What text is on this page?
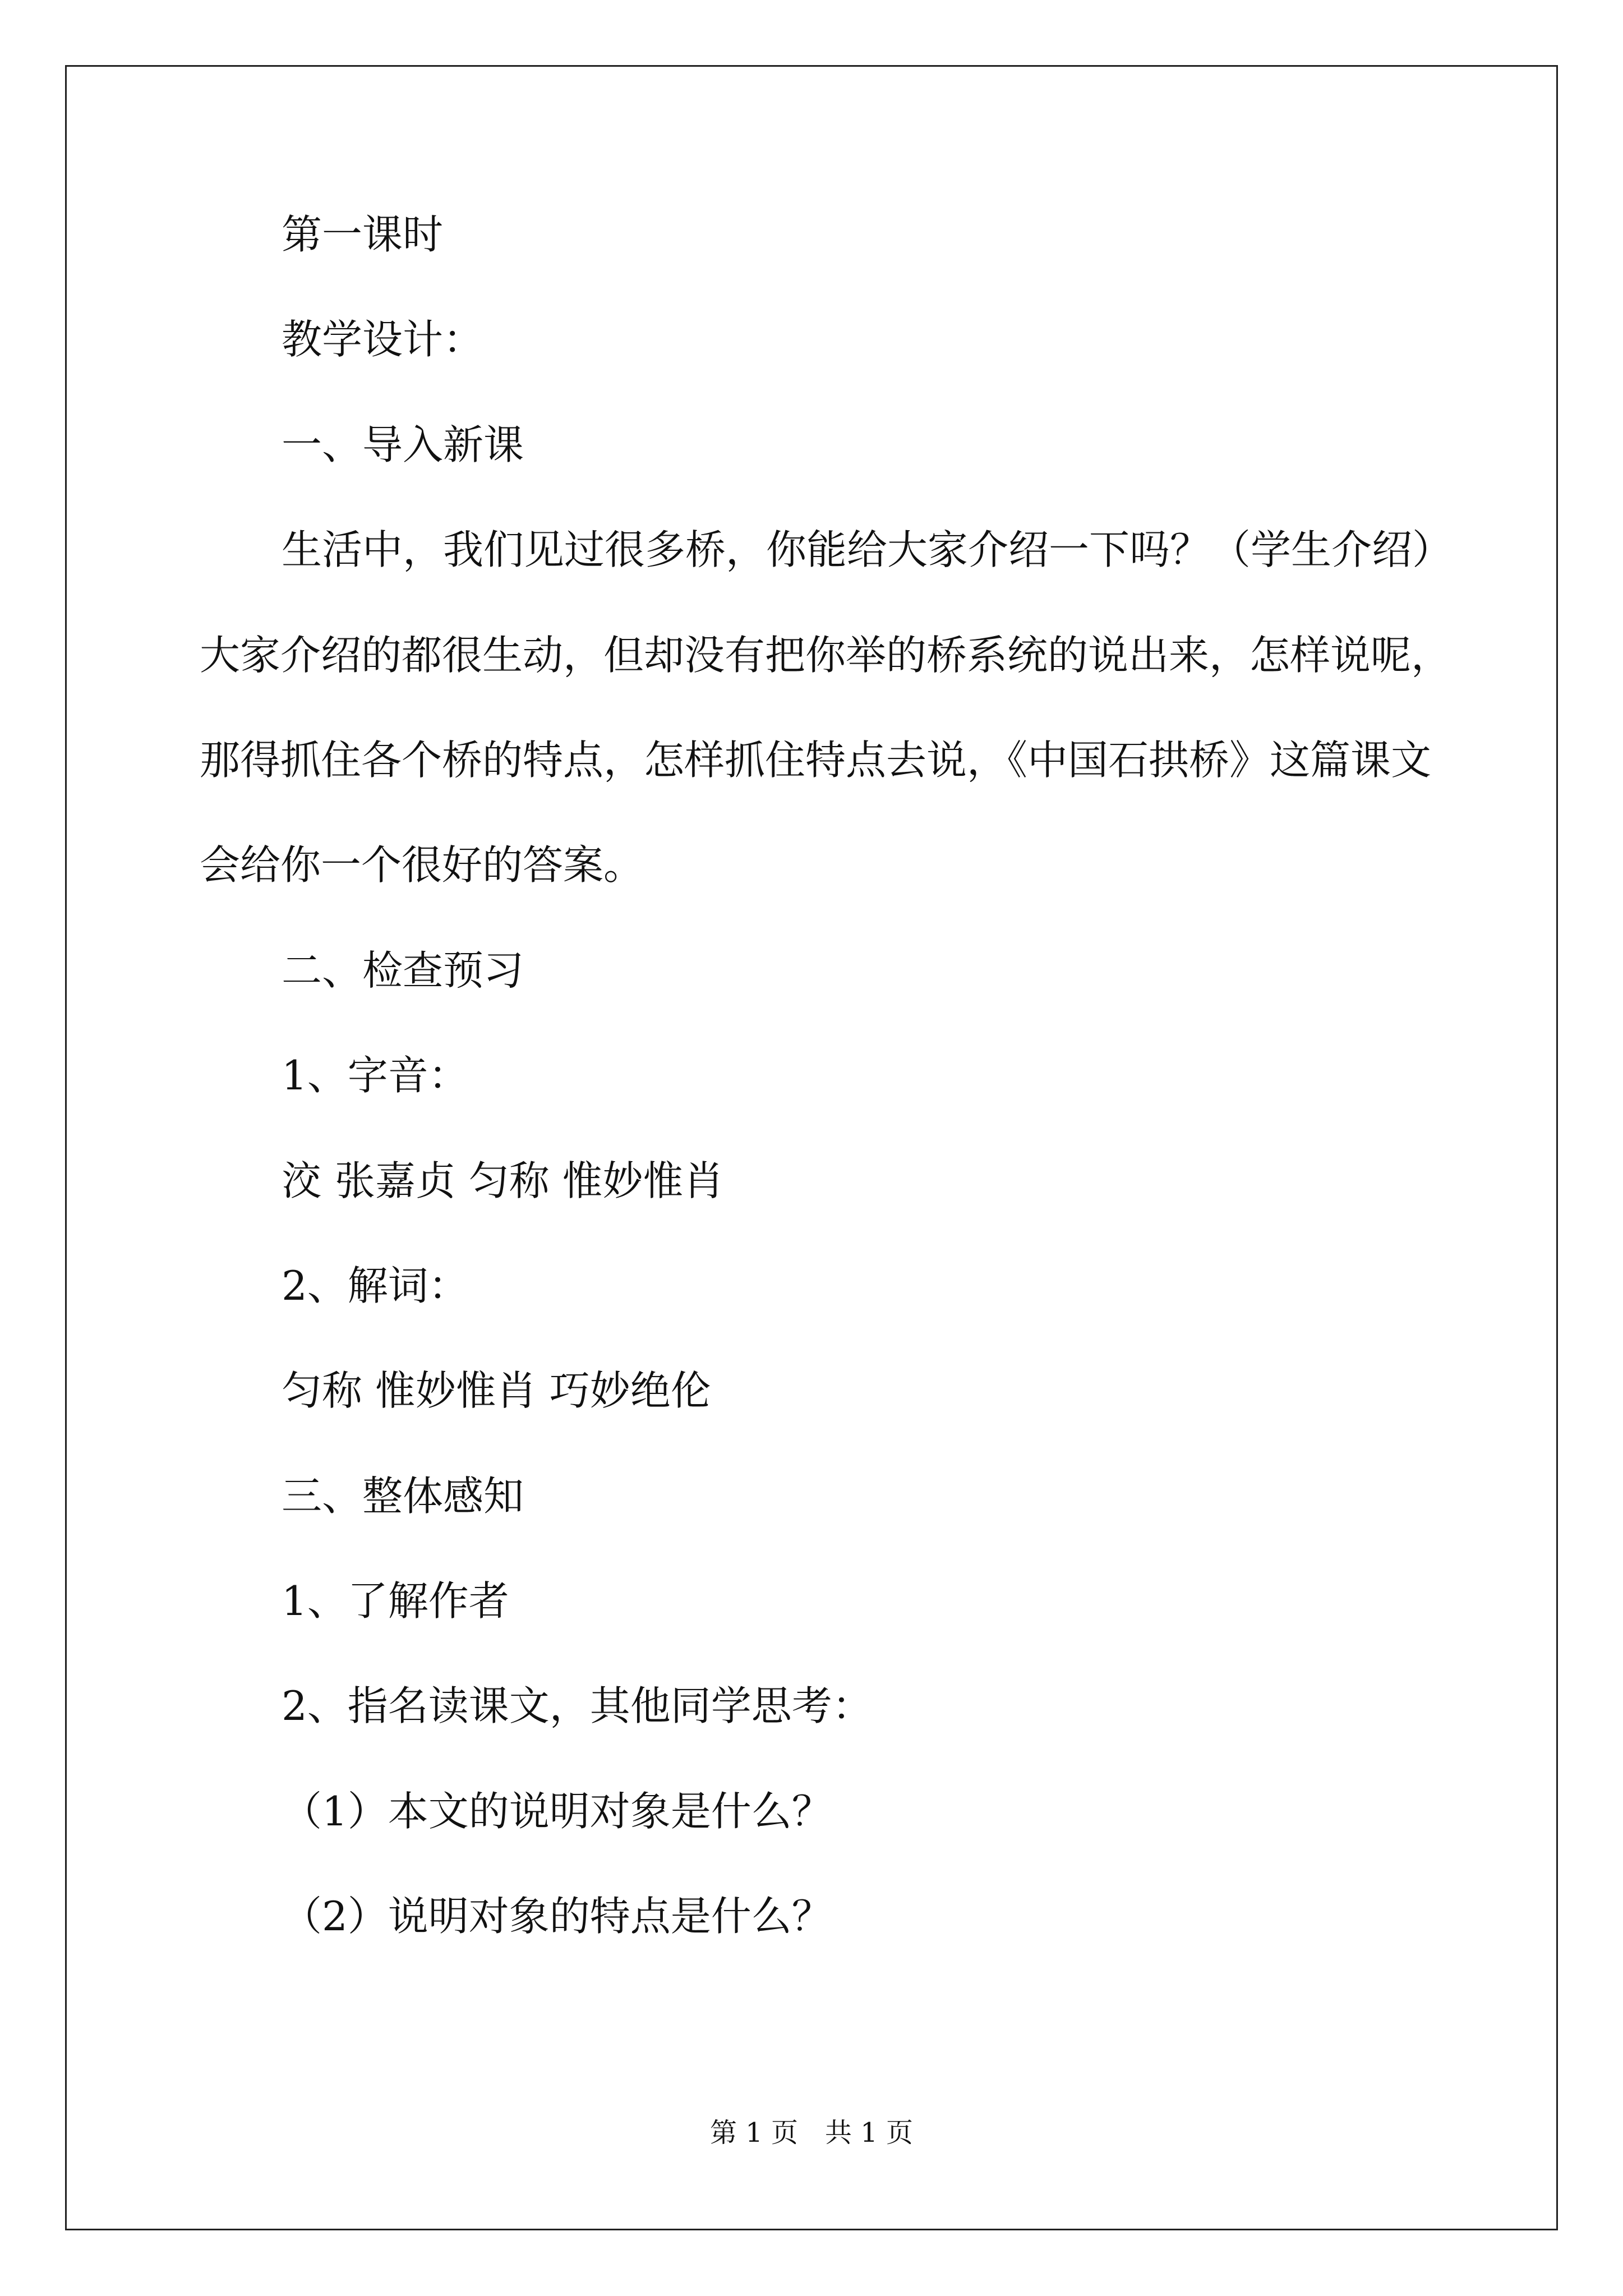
第一课时

教学设计：

一、导入新课

生活中，我们见过很多桥，你能给大家介绍一下吗？（学生介绍）

大家介绍的都很生动，但却没有把你举的桥系统的说出来，怎样说呢，

那得抓住各个桥的特点，怎样抓住特点去说，《中国石拱桥》这篇课文

会给你一个很好的答案。

二、检查预习

1、字音：

洨 张嘉贞 匀称 惟妙惟肖

2、解词：

匀称 惟妙惟肖 巧妙绝伦

三、整体感知

1、了解作者

2、指名读课文，其他同学思考：

（1）本文的说明对象是什么？

（2）说明对象的特点是什么？

第 1 页　共 1 页
